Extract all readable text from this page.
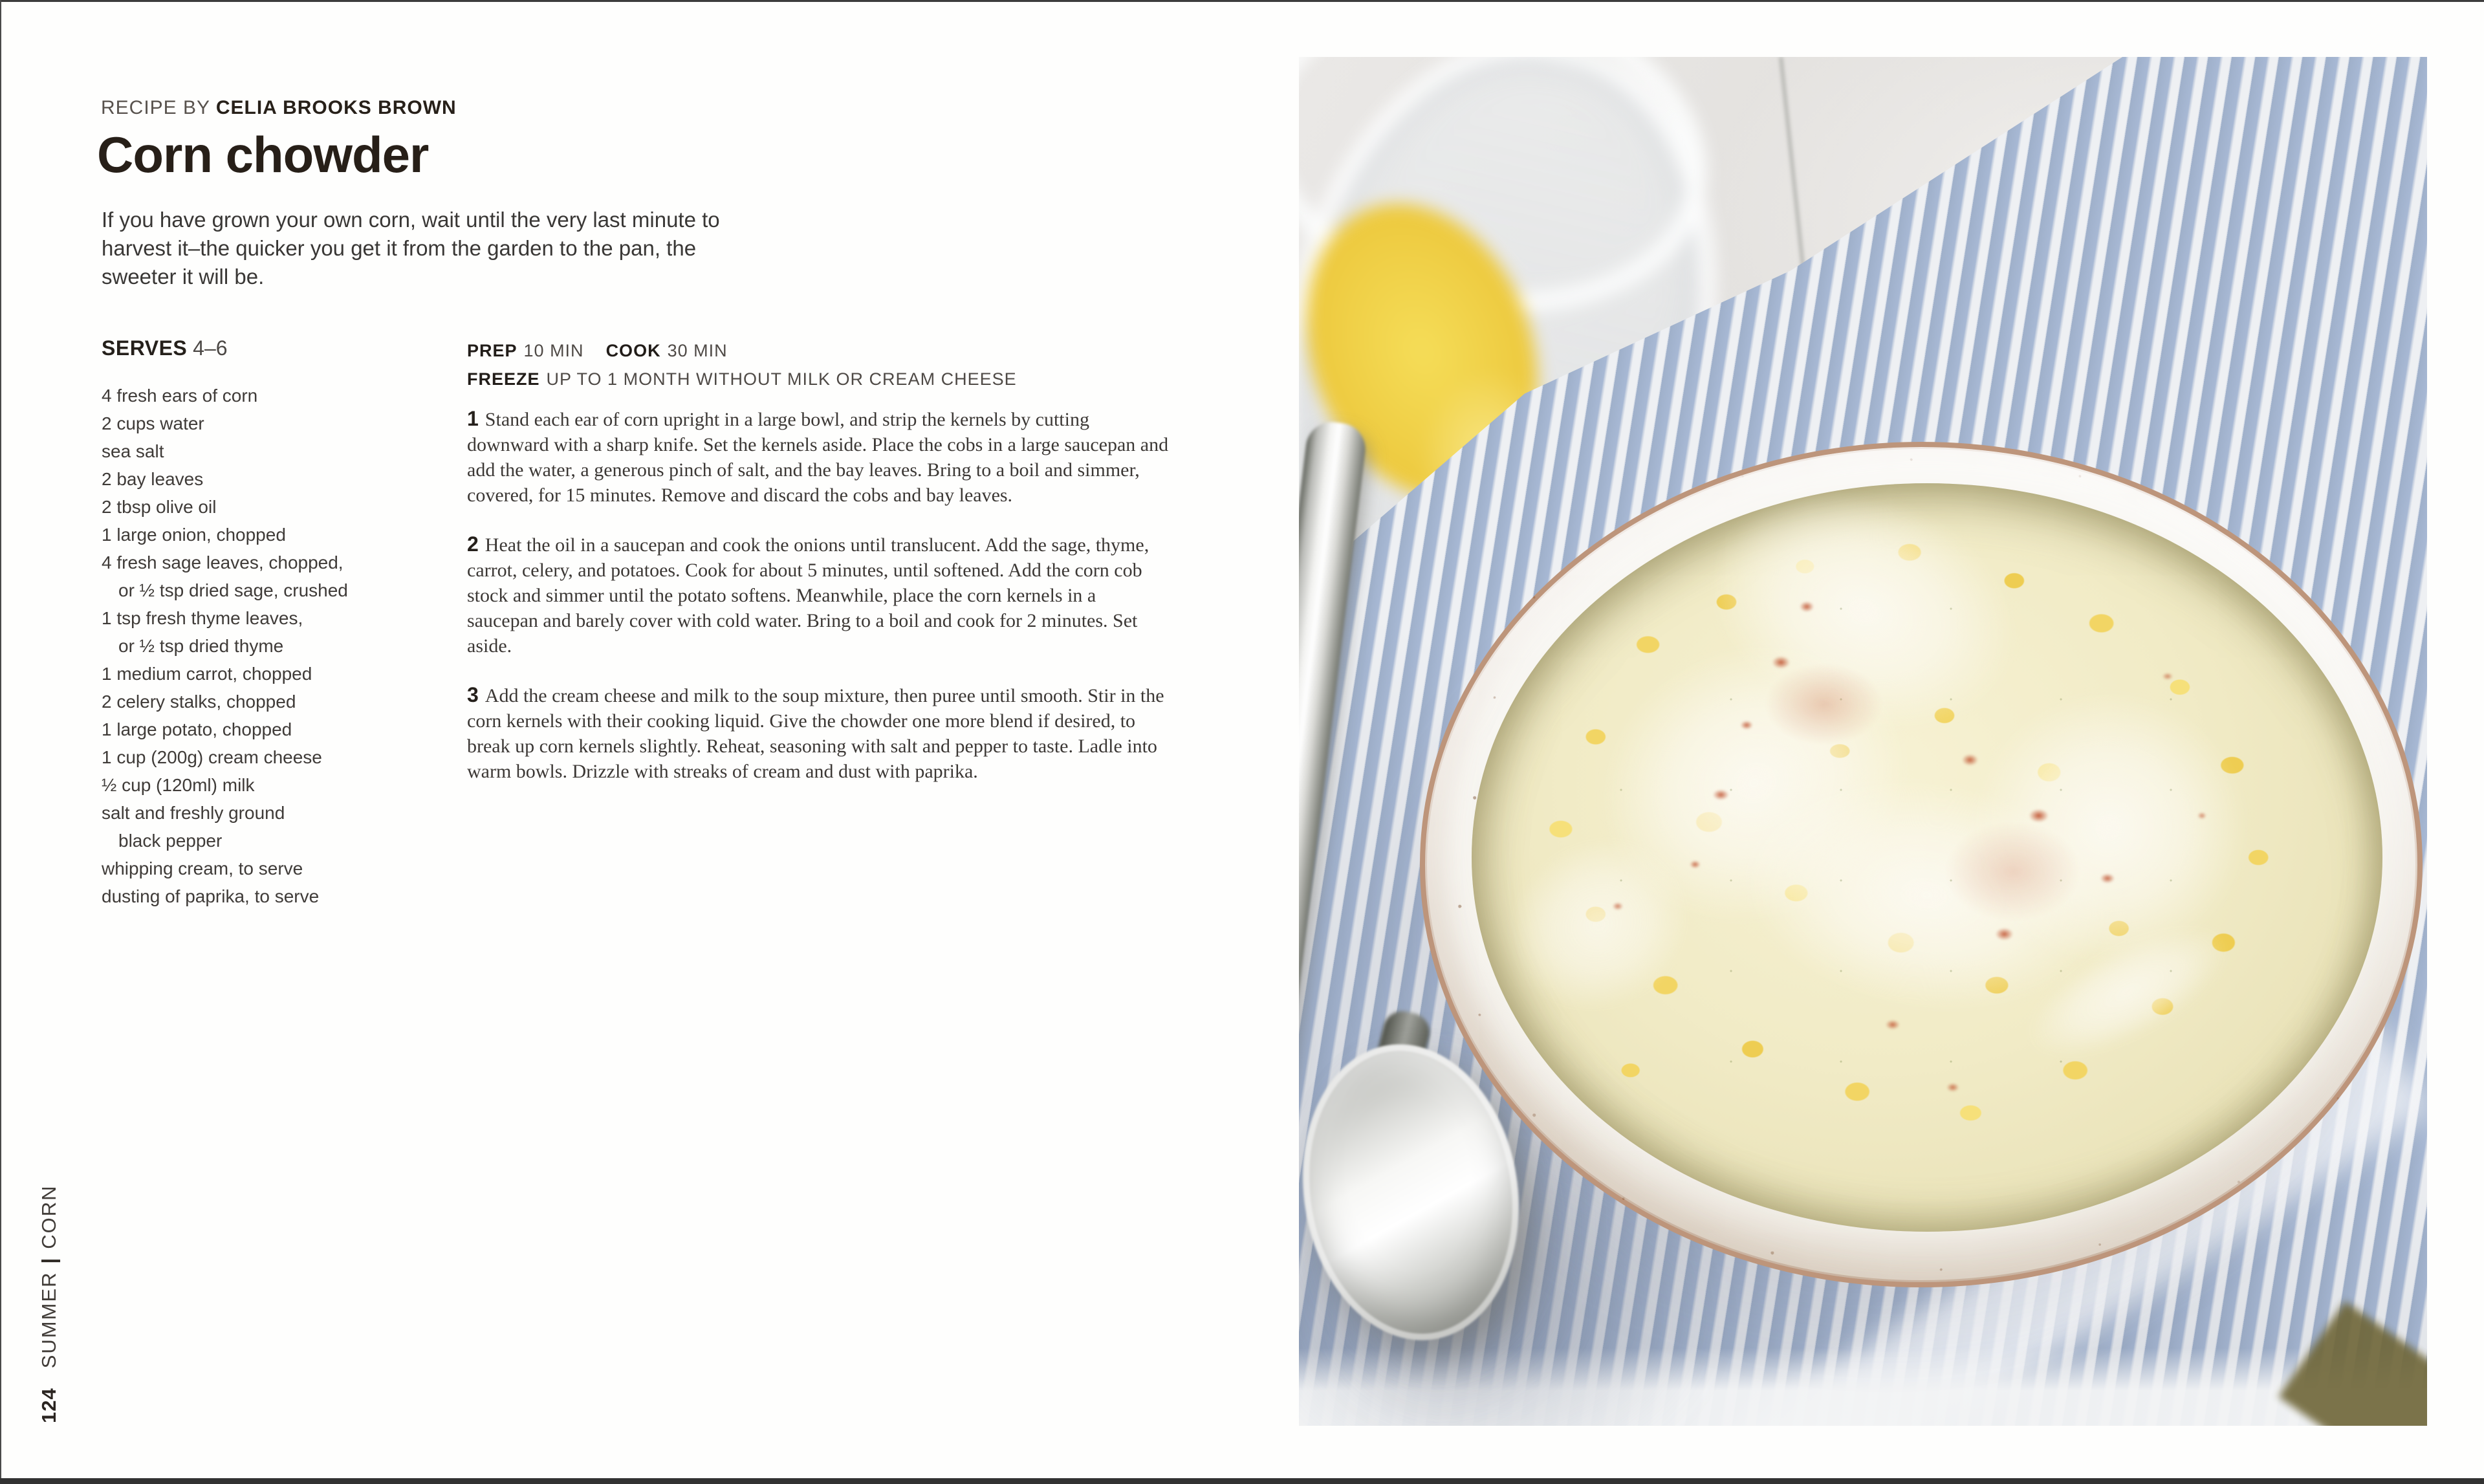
RECIPE BY CELIA BROOKS BROWN
Corn chowder
If you have grown your own corn, wait until the very last minute to
harvest it–the quicker you get it from the garden to the pan, the
sweeter it will be.
SERVES 4–6
4 fresh ears of corn
2 cups water
sea salt
2 bay leaves
2 tbsp olive oil
1 large onion, chopped
4 fresh sage leaves, chopped,
or ½ tsp dried sage, crushed
1 tsp fresh thyme leaves,
or ½ tsp dried thyme
1 medium carrot, chopped
2 celery stalks, chopped
1 large potato, chopped
1 cup (200g) cream cheese
½ cup (120ml) milk
salt and freshly ground
black pepper
whipping cream, to serve
dusting of paprika, to serve
PREP 10 MIN COOK 30 MIN
FREEZE UP TO 1 MONTH WITHOUT MILK OR CREAM CHEESE
1 Stand each ear of corn upright in a large bowl, and strip the kernels by cutting downward with a sharp knife. Set the kernels aside. Place the cobs in a large saucepan and add the water, a generous pinch of salt, and the bay leaves. Bring to a boil and simmer, covered, for 15 minutes. Remove and discard the cobs and bay leaves.
2 Heat the oil in a saucepan and cook the onions until translucent. Add the sage, thyme, carrot, celery, and potatoes. Cook for about 5 minutes, until softened. Add the corn cob stock and simmer until the potato softens. Meanwhile, place the corn kernels in a saucepan and barely cover with cold water. Bring to a boil and cook for 2 minutes. Set aside.
3 Add the cream cheese and milk to the soup mixture, then puree until smooth. Stir in the corn kernels with their cooking liquid. Give the chowder one more blend if desired, to break up corn kernels slightly. Reheat, seasoning with salt and pepper to taste. Ladle into warm bowls. Drizzle with streaks of cream and dust with paprika.
124SUMMER|CORN
